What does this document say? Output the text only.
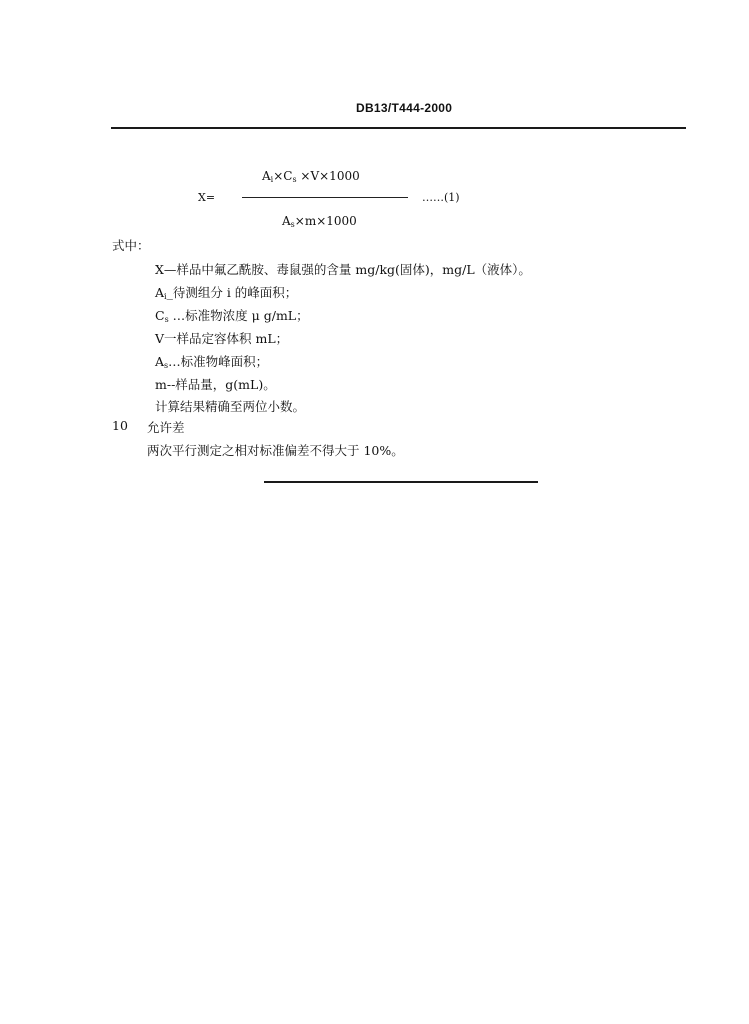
DB13/T444-2000
X=
$A_i\times C_s \times V\times 1000$
……(1)
$A_s\times m\times 1000$
式中：
X—样品中氟乙酰胺、毒鼠强的含量 mg/kg(固体)，mg/L（液体）。
$A_i\_$待测组分 i 的峰面积；
$C_s$ …标准物浓度 μ g/mL；
V一样品定容体积 mL；
$A_s\dots$标准物峰面积；
m--样品量，g(mL)。
计算结果精确至两位小数。
10 允许差
两次平行测定之相对标准偏差不得大于 10%。
